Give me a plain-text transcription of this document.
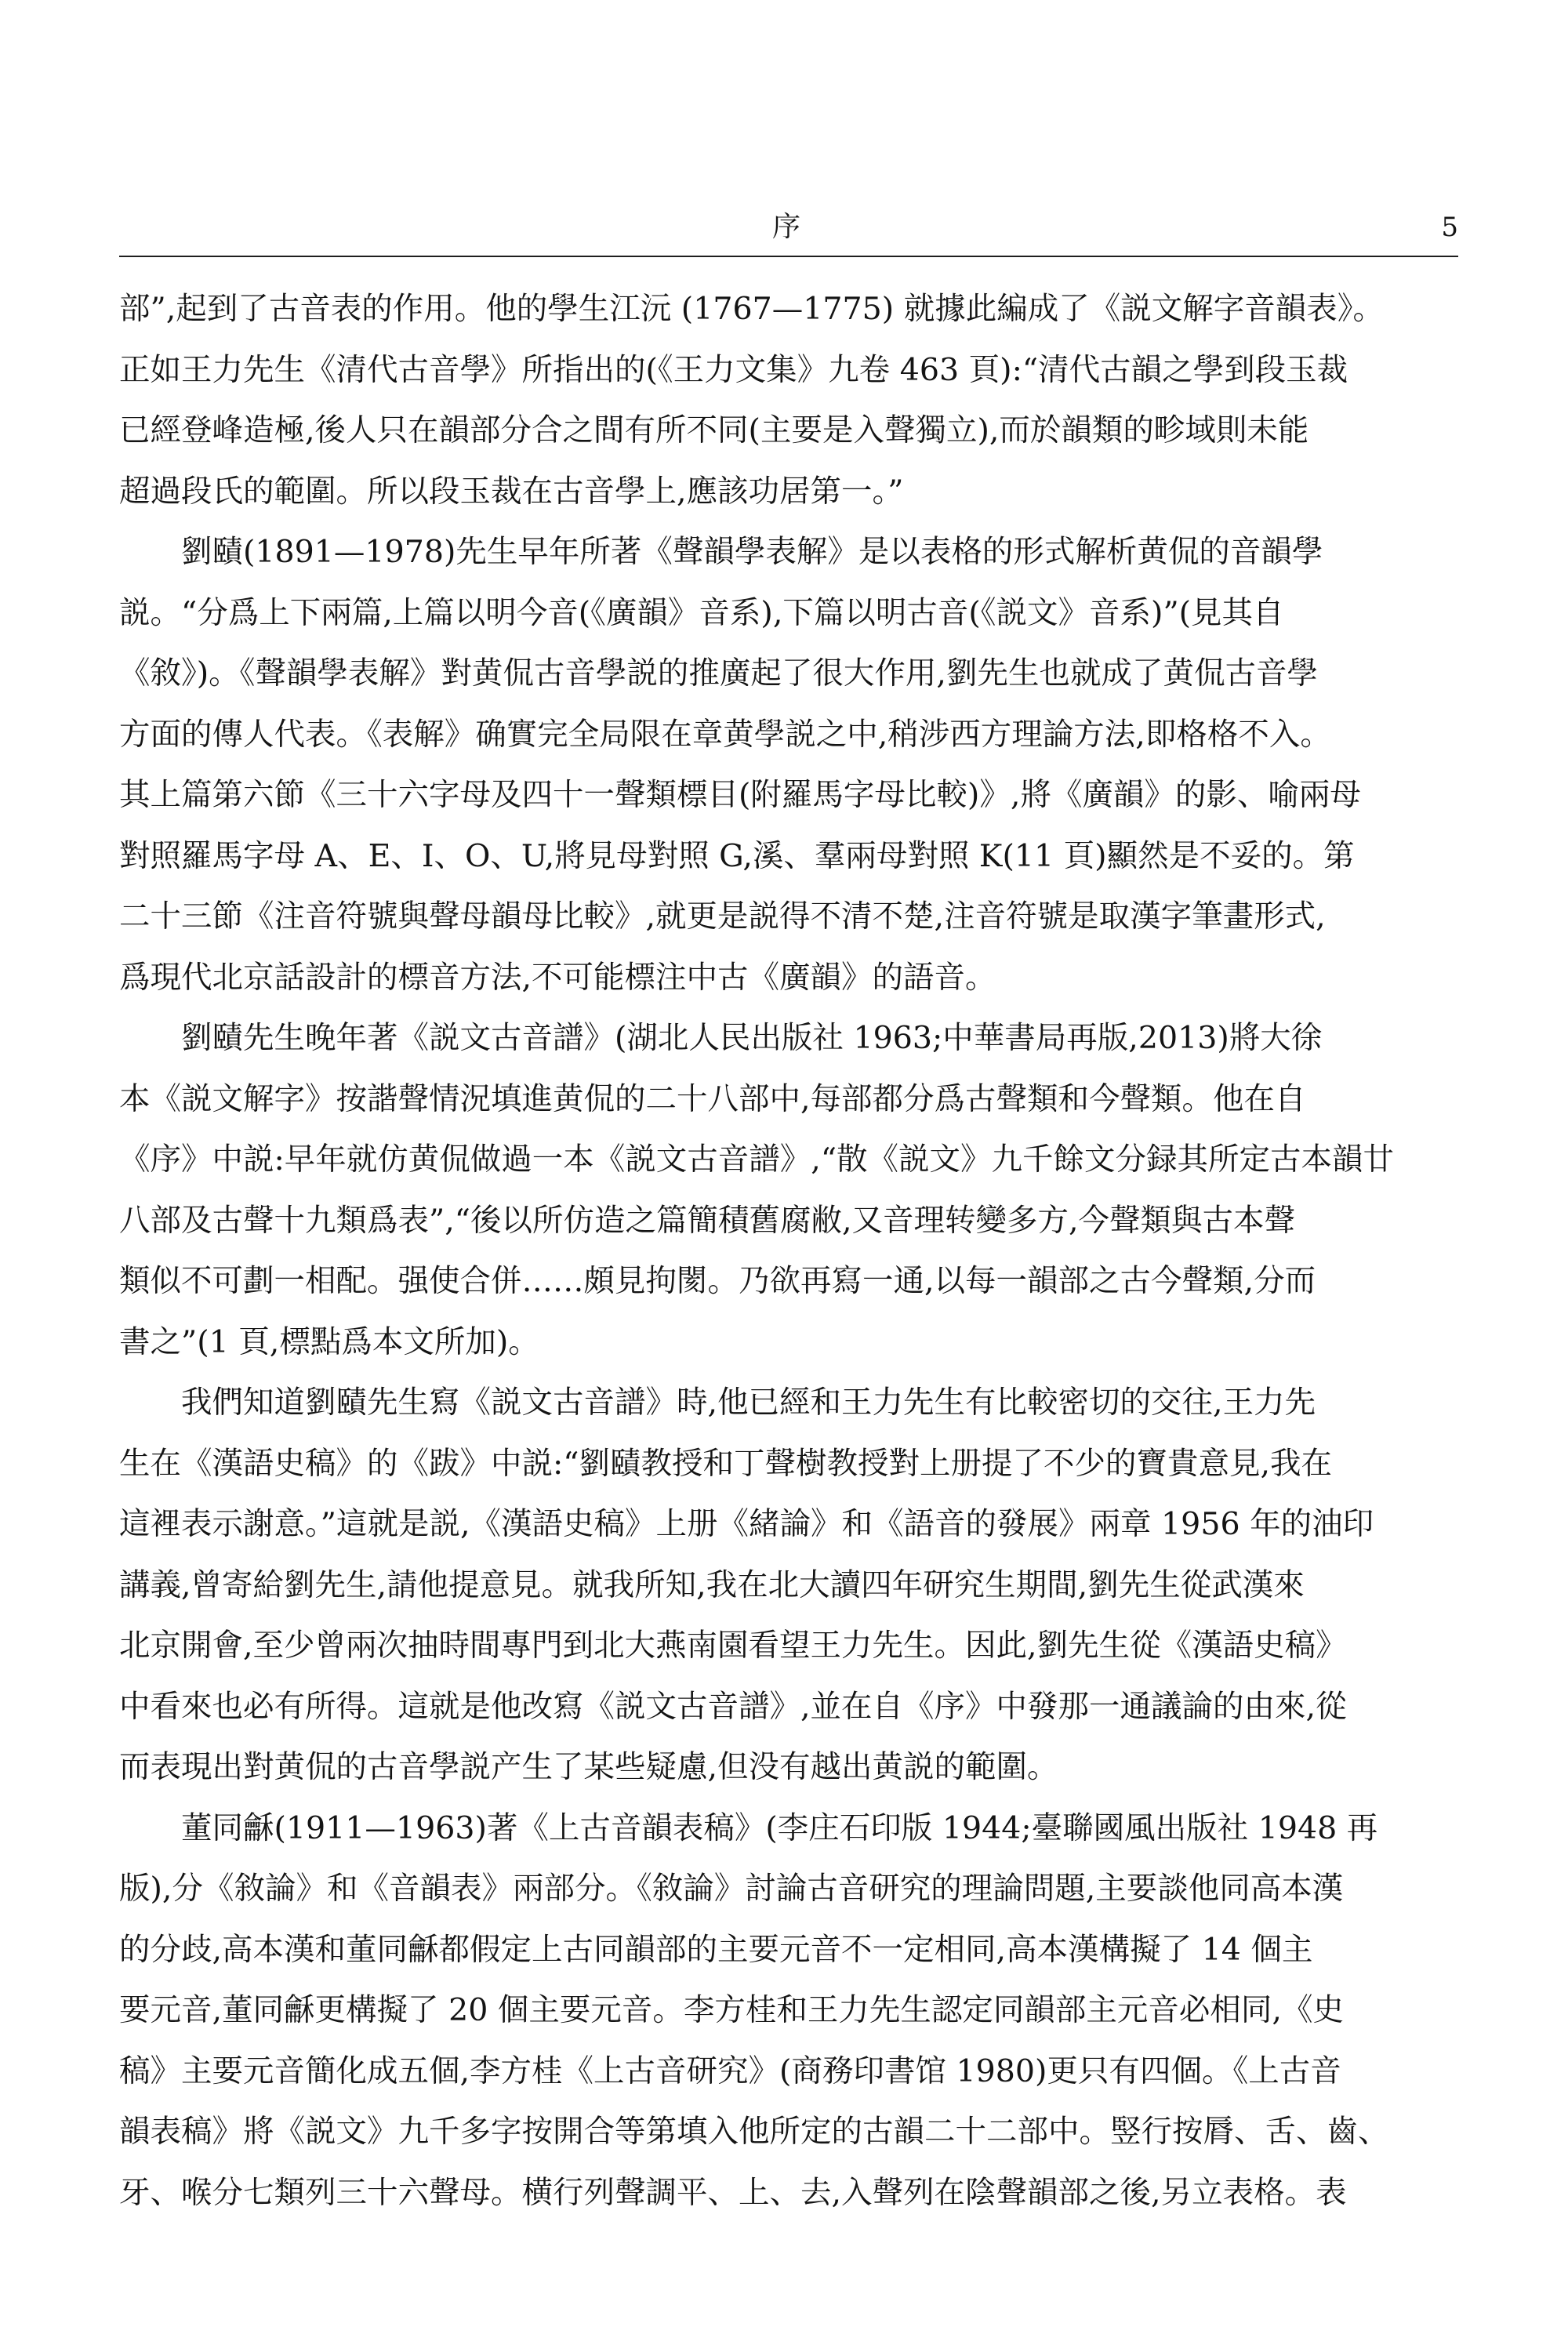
序	5
部”,起到了古音表的作用。他的學生江沅 (1767—1775) 就據此編成了《説文解字音韻表》。
正如王力先生《清代古音學》所指出的(《王力文集》九卷 463 頁):“清代古韻之學到段玉裁
已經登峰造極,後人只在韻部分合之間有所不同(主要是入聲獨立),而於韻類的畛域則未能
超過段氏的範圍。所以段玉裁在古音學上,應該功居第一。”
　　劉賾(1891—1978)先生早年所著《聲韻學表解》是以表格的形式解析黄侃的音韻學
説。“分爲上下兩篇,上篇以明今音(《廣韻》音系),下篇以明古音(《説文》音系)”(見其自
《敘》)。《聲韻學表解》對黄侃古音學説的推廣起了很大作用,劉先生也就成了黄侃古音學
方面的傳人代表。《表解》确實完全局限在章黄學説之中,稍涉西方理論方法,即格格不入。
其上篇第六節《三十六字母及四十一聲類標目(附羅馬字母比較)》,將《廣韻》的影、喻兩母
對照羅馬字母 A、E、I、O、U,將見母對照 G,溪、羣兩母對照 K(11 頁)顯然是不妥的。第
二十三節《注音符號與聲母韻母比較》,就更是説得不清不楚,注音符號是取漢字筆畫形式,
爲現代北京話設計的標音方法,不可能標注中古《廣韻》的語音。
　　劉賾先生晚年著《説文古音譜》(湖北人民出版社 1963;中華書局再版,2013)將大徐
本《説文解字》按諧聲情況填進黄侃的二十八部中,每部都分爲古聲類和今聲類。他在自
《序》中説:早年就仿黄侃做過一本《説文古音譜》,“散《説文》九千餘文分録其所定古本韻廿
八部及古聲十九類爲表”,“後以所仿造之篇簡積舊腐敝,又音理转變多方,今聲類與古本聲
類似不可劃一相配。强使合併……頗見拘閡。乃欲再寫一通,以每一韻部之古今聲類,分而
書之”(1 頁,標點爲本文所加)。
　　我們知道劉賾先生寫《説文古音譜》時,他已經和王力先生有比較密切的交往,王力先
生在《漢語史稿》的《跋》中説:“劉賾教授和丁聲樹教授對上册提了不少的寶貴意見,我在
這裡表示謝意。”這就是説,《漢語史稿》上册《緒論》和《語音的發展》兩章 1956 年的油印
講義,曾寄給劉先生,請他提意見。就我所知,我在北大讀四年研究生期間,劉先生從武漢來
北京開會,至少曾兩次抽時間專門到北大燕南園看望王力先生。因此,劉先生從《漢語史稿》
中看來也必有所得。這就是他改寫《説文古音譜》,並在自《序》中發那一通議論的由來,從
而表現出對黄侃的古音學説产生了某些疑慮,但没有越出黄説的範圍。
　　董同龢(1911—1963)著《上古音韻表稿》(李庄石印版 1944;臺聯國風出版社 1948 再
版),分《敘論》和《音韻表》兩部分。《敘論》討論古音研究的理論問題,主要談他同高本漢
的分歧,高本漢和董同龢都假定上古同韻部的主要元音不一定相同,高本漢構擬了 14 個主
要元音,董同龢更構擬了 20 個主要元音。李方桂和王力先生認定同韻部主元音必相同,《史
稿》主要元音簡化成五個,李方桂《上古音研究》(商務印書馆 1980)更只有四個。《上古音
韻表稿》將《説文》九千多字按開合等第填入他所定的古韻二十二部中。竪行按脣、舌、齒、
牙、喉分七類列三十六聲母。横行列聲調平、上、去,入聲列在陰聲韻部之後,另立表格。表
